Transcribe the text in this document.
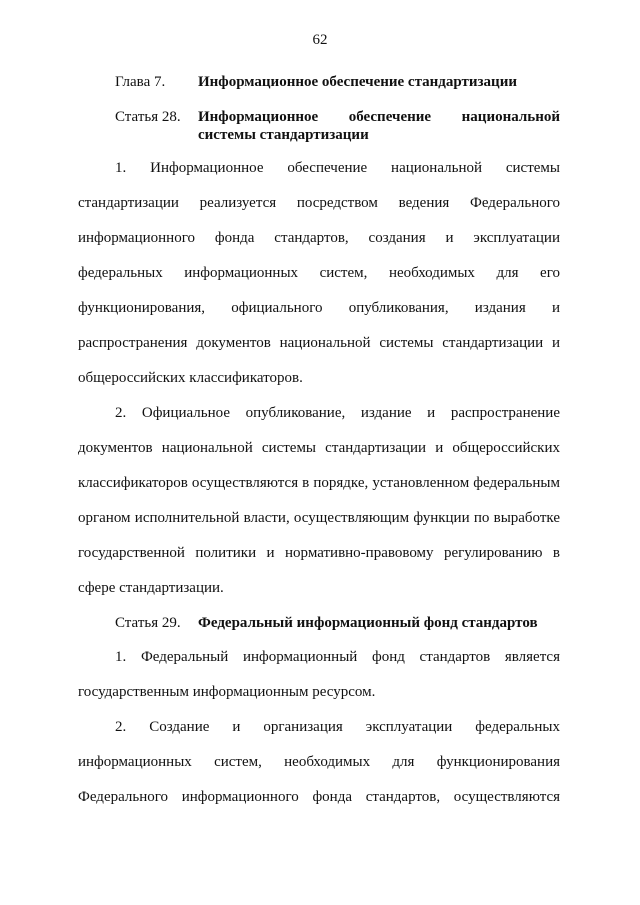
62
Глава 7. Информационное обеспечение стандартизации
Статья 28. Информационное обеспечение национальной
системы стандартизации
1. Информационное обеспечение национальной системы
стандартизации реализуется посредством ведения Федерального
информационного фонда стандартов, создания и эксплуатации
федеральных информационных систем, необходимых для его
функционирования, официального опубликования, издания и
распространения документов национальной системы стандартизации и
общероссийских классификаторов.
2. Официальное опубликование, издание и распространение
документов национальной системы стандартизации и общероссийских
классификаторов осуществляются в порядке, установленном федеральным
органом исполнительной власти, осуществляющим функции по выработке
государственной политики и нормативно-правовому регулированию в
сфере стандартизации.
Статья 29. Федеральный информационный фонд стандартов
1. Федеральный информационный фонд стандартов является
государственным информационным ресурсом.
2. Создание и организация эксплуатации федеральных
информационных систем, необходимых для функционирования
Федерального информационного фонда стандартов, осуществляются
